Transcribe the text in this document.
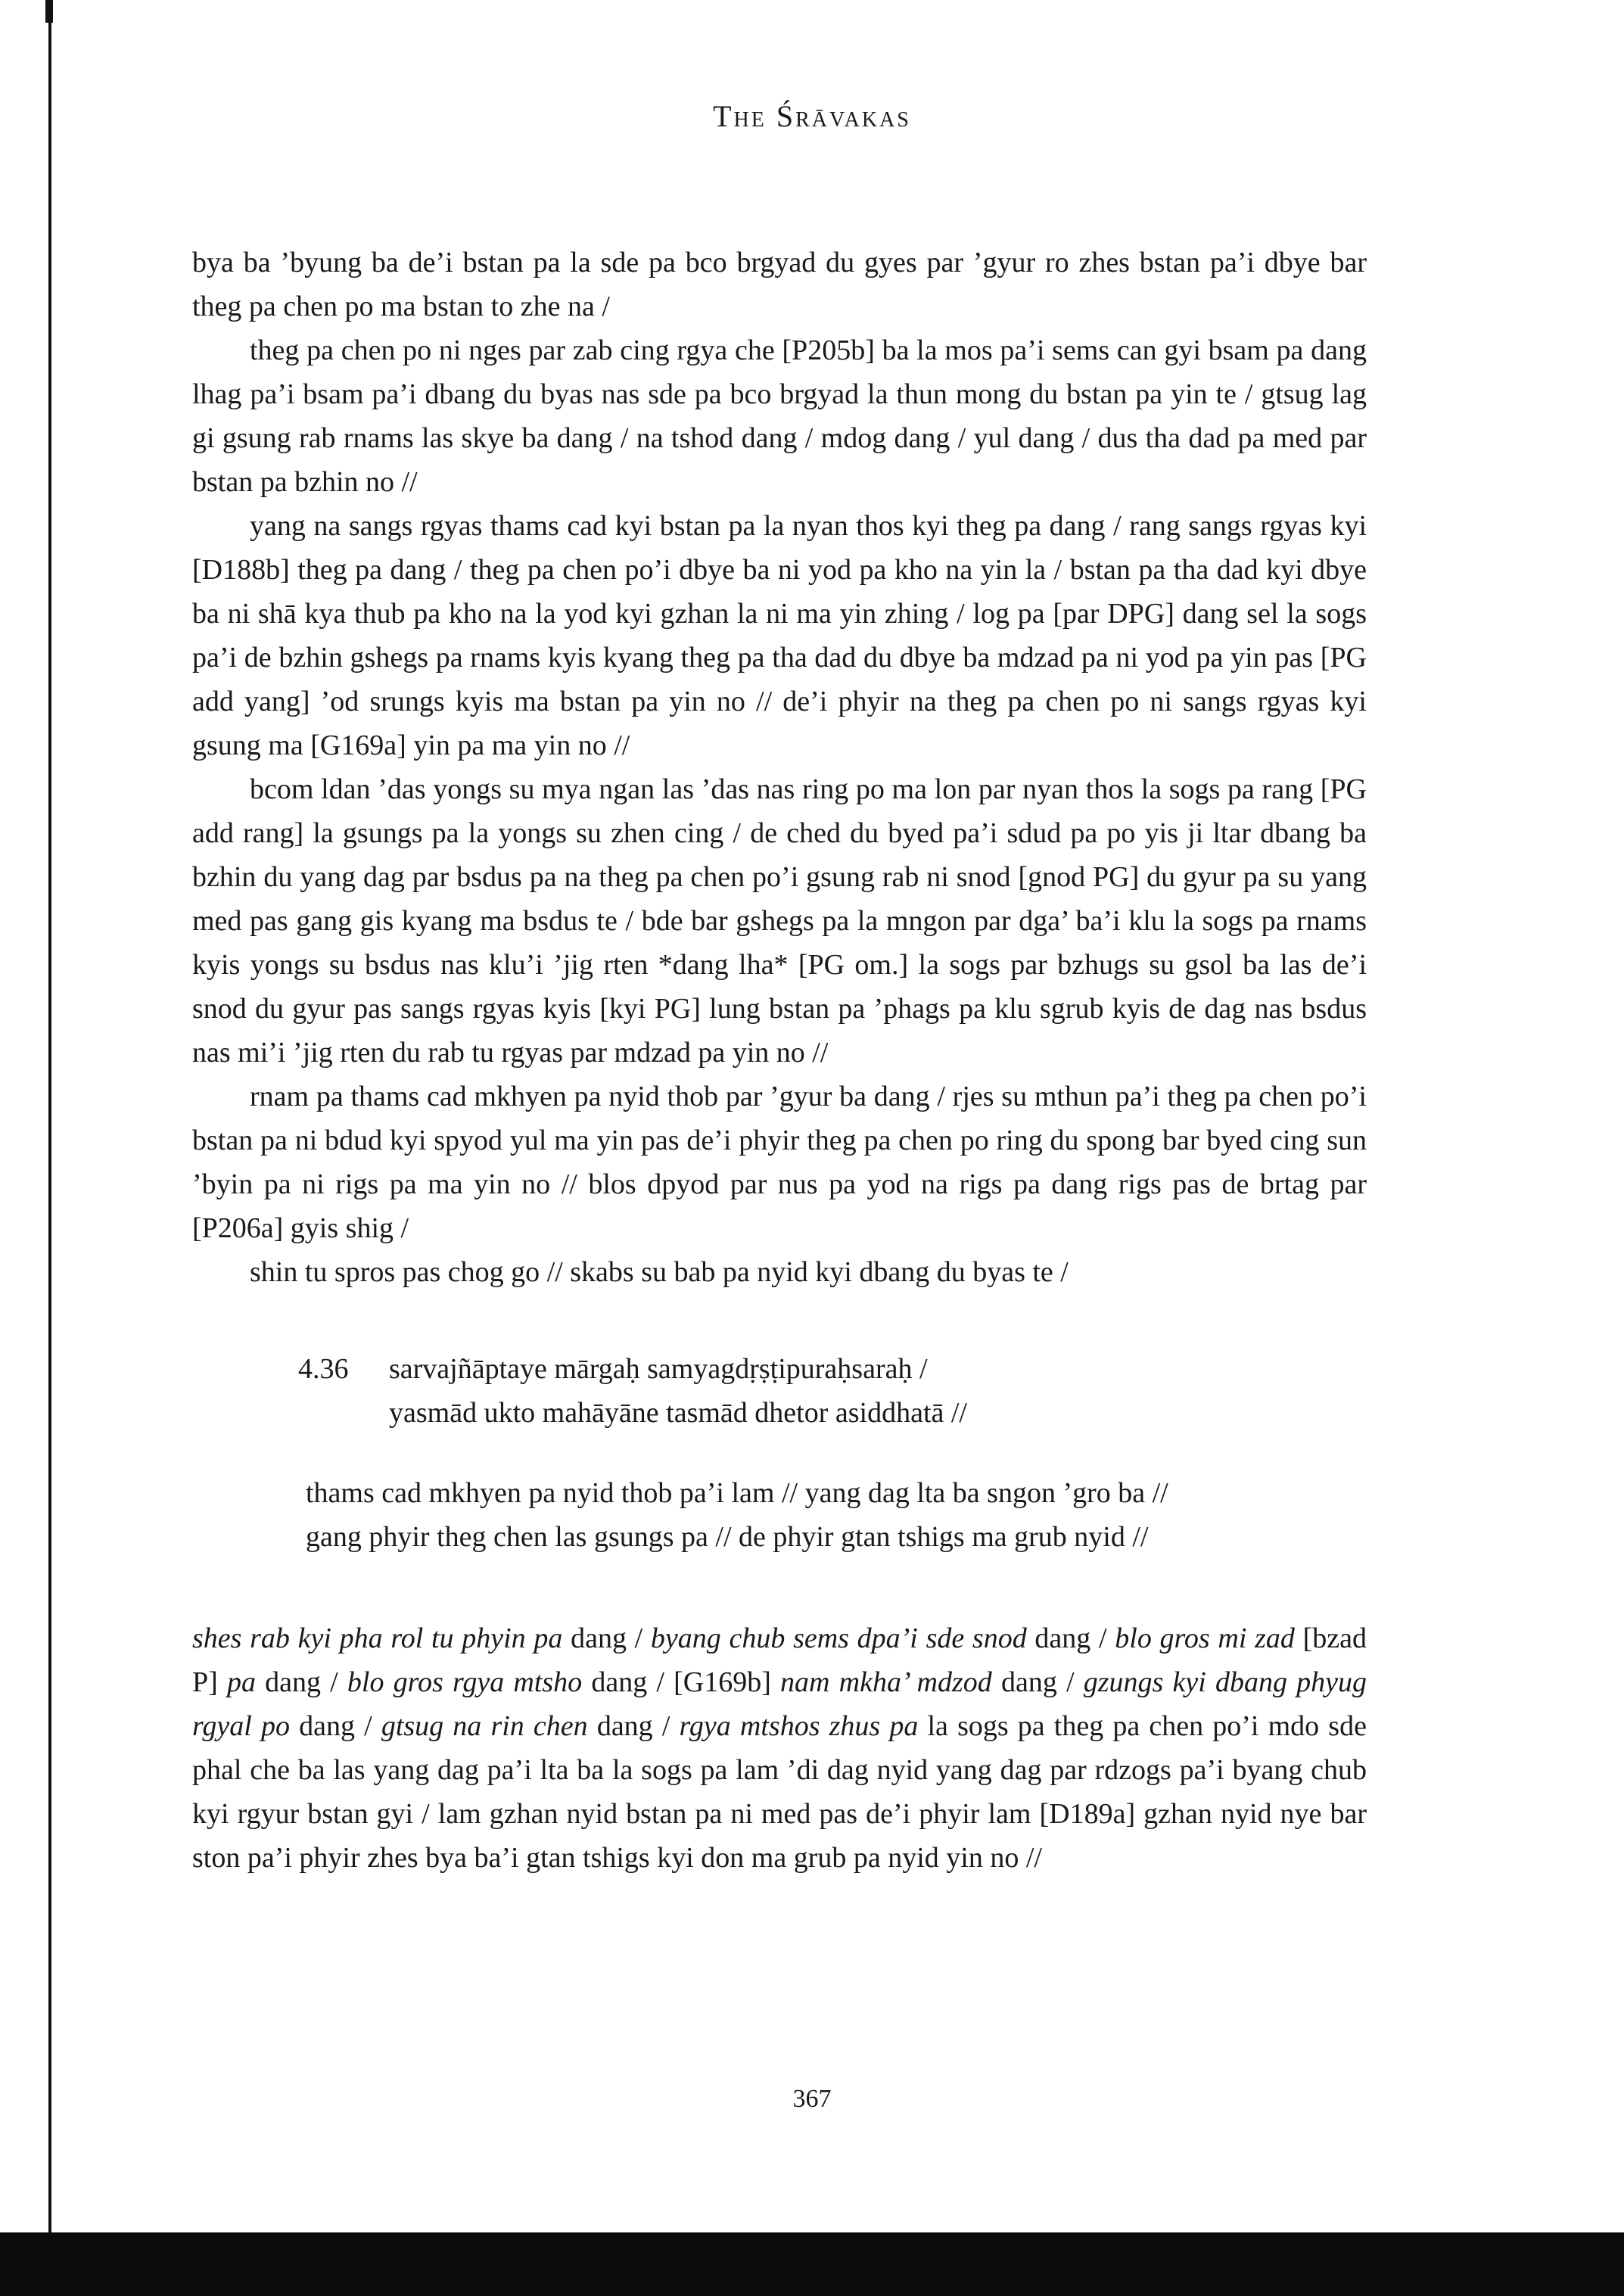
The Śrāvakas

bya ba ’byung ba de’i bstan pa la sde pa bco brgyad du gyes par ’gyur ro zhes bstan pa’i dbye bar theg pa chen po ma bstan to zhe na /

theg pa chen po ni nges par zab cing rgya che [P205b] ba la mos pa’i sems can gyi bsam pa dang lhag pa’i bsam pa’i dbang du byas nas sde pa bco brgyad la thun mong du bstan pa yin te / gtsug lag gi gsung rab rnams las skye ba dang / na tshod dang / mdog dang / yul dang / dus tha dad pa med par bstan pa bzhin no //

yang na sangs rgyas thams cad kyi bstan pa la nyan thos kyi theg pa dang / rang sangs rgyas kyi [D188b] theg pa dang / theg pa chen po’i dbye ba ni yod pa kho na yin la / bstan pa tha dad kyi dbye ba ni shā kya thub pa kho na la yod kyi gzhan la ni ma yin zhing / log pa [par DPG] dang sel la sogs pa’i de bzhin gshegs pa rnams kyis kyang theg pa tha dad du dbye ba mdzad pa ni yod pa yin pas [PG add yang] ’od srungs kyis ma bstan pa yin no // de’i phyir na theg pa chen po ni sangs rgyas kyi gsung ma [G169a] yin pa ma yin no //

bcom ldan ’das yongs su mya ngan las ’das nas ring po ma lon par nyan thos la sogs pa rang [PG add rang] la gsungs pa la yongs su zhen cing / de ched du byed pa’i sdud pa po yis ji ltar dbang ba bzhin du yang dag par bsdus pa na theg pa chen po’i gsung rab ni snod [gnod PG] du gyur pa su yang med pas gang gis kyang ma bsdus te / bde bar gshegs pa la mngon par dga’ ba’i klu la sogs pa rnams kyis yongs su bsdus nas klu’i ’jig rten *dang lha* [PG om.] la sogs par bzhugs su gsol ba las de’i snod du gyur pas sangs rgyas kyis [kyi PG] lung bstan pa ’phags pa klu sgrub kyis de dag nas bsdus nas mi’i ’jig rten du rab tu rgyas par mdzad pa yin no //

rnam pa thams cad mkhyen pa nyid thob par ’gyur ba dang / rjes su mthun pa’i theg pa chen po’i bstan pa ni bdud kyi spyod yul ma yin pas de’i phyir theg pa chen po ring du spong bar byed cing sun ’byin pa ni rigs pa ma yin no // blos dpyod par nus pa yod na rigs pa dang rigs pas de brtag par [P206a] gyis shig /

shin tu spros pas chog go // skabs su bab pa nyid kyi dbang du byas te /

4.36	sarvajñāptaye mārgaḥ samyagdṛṣṭipuraḥsaraḥ /
yasmād ukto mahāyāne tasmād dhetor asiddhatā //
thams cad mkhyen pa nyid thob pa’i lam // yang dag lta ba sngon ’gro ba //
gang phyir theg chen las gsungs pa // de phyir gtan tshigs ma grub nyid //

shes rab kyi pha rol tu phyin pa dang / byang chub sems dpa’i sde snod dang / blo gros mi zad [bzad P] pa dang / blo gros rgya mtsho dang / [G169b] nam mkha’ mdzod dang / gzungs kyi dbang phyug rgyal po dang / gtsug na rin chen dang / rgya mtshos zhus pa la sogs pa theg pa chen po’i mdo sde phal che ba las yang dag pa’i lta ba la sogs pa lam ’di dag nyid yang dag par rdzogs pa’i byang chub kyi rgyur bstan gyi / lam gzhan nyid bstan pa ni med pas de’i phyir lam [D189a] gzhan nyid nye bar ston pa’i phyir zhes bya ba’i gtan tshigs kyi don ma grub pa nyid yin no //

367
